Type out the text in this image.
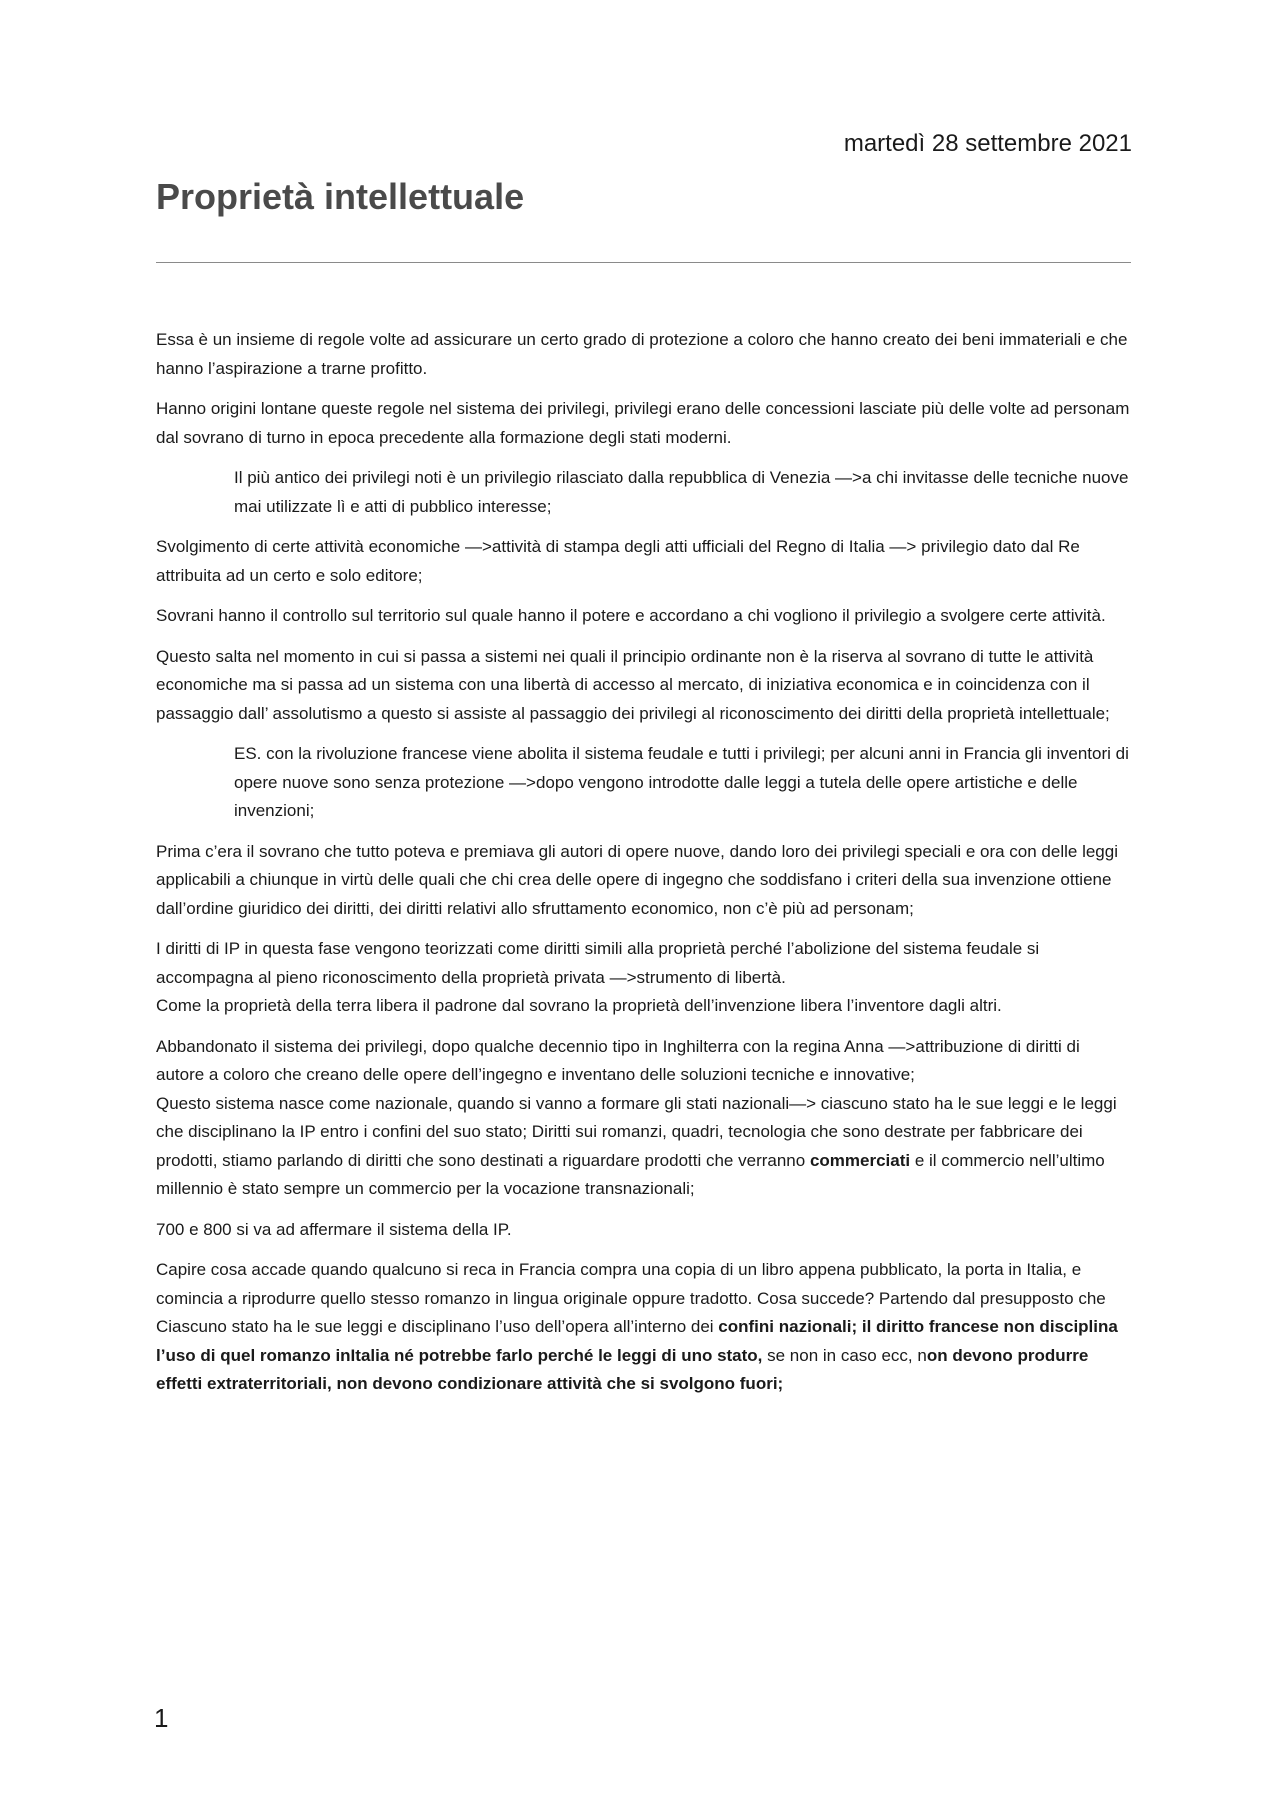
martedì 28 settembre 2021
Proprietà intellettuale

Essa è un insieme di regole volte ad assicurare un certo grado di protezione a coloro che hanno creato dei beni immateriali e che hanno l’aspirazione a trarne profitto.

Hanno origini lontane queste regole nel sistema dei privilegi, privilegi erano delle concessioni lasciate più delle volte ad personam dal sovrano di turno in epoca precedente alla formazione degli stati moderni.

Il più antico dei privilegi noti è un privilegio rilasciato dalla repubblica di Venezia —>a chi invitasse delle tecniche nuove mai utilizzate lì e atti di pubblico interesse;

Svolgimento di certe attività economiche —>attività di stampa degli atti ufficiali del Regno di Italia —> privilegio dato dal Re attribuita ad un certo e solo editore;

Sovrani hanno il controllo sul territorio sul quale hanno il potere e accordano a chi vogliono il privilegio a svolgere certe attività.

Questo salta nel momento in cui si passa a sistemi nei quali il principio ordinante non è la riserva al sovrano di tutte le attività economiche ma si passa ad un sistema con una libertà di accesso al mercato, di iniziativa economica e in coincidenza con il passaggio dall’ assolutismo a questo si assiste al passaggio dei privilegi al riconoscimento dei diritti della proprietà intellettuale;

ES. con la rivoluzione francese viene abolita il sistema feudale e tutti i privilegi; per alcuni anni in Francia gli inventori di opere nuove sono senza protezione —>dopo vengono introdotte dalle leggi a tutela delle opere artistiche e delle invenzioni;

Prima c’era il sovrano che tutto poteva e premiava gli autori di opere nuove, dando loro dei privilegi speciali e ora con delle leggi applicabili a chiunque in virtù delle quali che chi crea delle opere di ingegno che soddisfano i criteri della sua invenzione ottiene dall’ordine giuridico dei diritti, dei diritti relativi allo sfruttamento economico, non c’è più ad personam;

I diritti di IP in questa fase vengono teorizzati come diritti simili alla proprietà perché l’abolizione del sistema feudale si accompagna al pieno riconoscimento della proprietà privata —>strumento di libertà.

Come la proprietà della terra libera il padrone dal sovrano la proprietà dell’invenzione libera l’inventore dagli altri.

Abbandonato il sistema dei privilegi, dopo qualche decennio tipo in Inghilterra con la regina Anna —>attribuzione di diritti di autore a coloro che creano delle opere dell’ingegno e inventano delle soluzioni tecniche e innovative;

Questo sistema nasce come nazionale, quando si vanno a formare gli stati nazionali—> ciascuno stato ha le sue leggi e le leggi che disciplinano la IP entro i confini del suo stato; Diritti sui romanzi, quadri, tecnologia che sono destrate per fabbricare dei prodotti, stiamo parlando di diritti che sono destinati a riguardare prodotti che verranno commerciati e il commercio nell’ultimo millennio è stato sempre un commercio per la vocazione transnazionali;

700 e 800 si va ad affermare il sistema della IP.

Capire cosa accade quando qualcuno si reca in Francia compra una copia di un libro appena pubblicato, la porta in Italia, e comincia a riprodurre quello stesso romanzo in lingua originale oppure tradotto. Cosa succede? Partendo dal presupposto che Ciascuno stato ha le sue leggi e disciplinano l’uso dell’opera all’interno dei confini nazionali; il diritto francese non disciplina l’uso di quel romanzo inItalia né potrebbe farlo perché le leggi di uno stato, se non in caso ecc, non devono produrre effetti extraterritoriali, non devono condizionare attività che si svolgono fuori;

1
